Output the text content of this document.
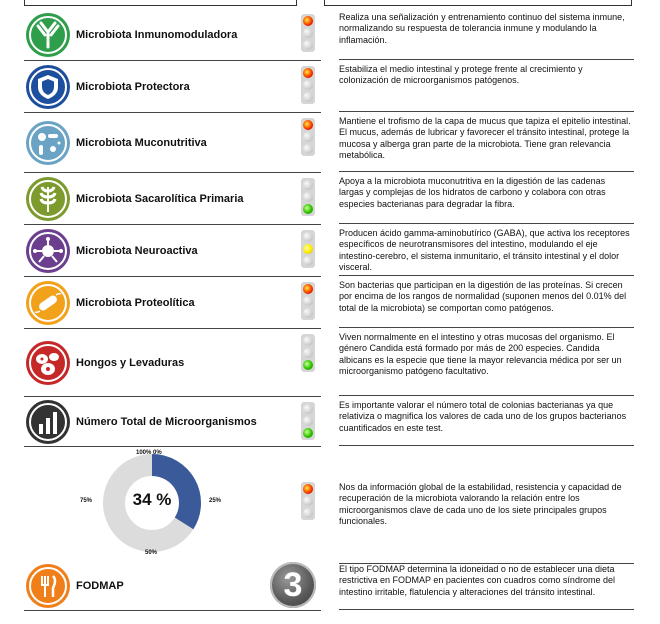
Microbiota Inmunomoduladora
Realiza una señalización y entrenamiento continuo del sistema inmune, normalizando su respuesta de tolerancia inmune y modulando la inflamación.
Microbiota Protectora
Estabiliza el medio intestinal y protege frente al crecimiento y colonización de microorganismos patógenos.
Microbiota Muconutritiva
Mantiene el trofismo de la capa de mucus que tapiza el epitelio intestinal. El mucus, además de lubricar y favorecer el tránsito intestinal, protege la mucosa y alberga gran parte de la microbiota. Tiene gran relevancia metabólica.
Microbiota Sacarolítica Primaria
Apoya a la microbiota muconutritiva en la digestión de las cadenas largas y complejas de los hidratos de carbono y colabora con otras especies bacterianas para degradar la fibra.
Microbiota Neuroactiva
Producen ácido gamma-aminobutírico (GABA), que activa los receptores específicos de neurotransmisores del intestino, modulando el eje intestino-cerebro, el sistema inmunitario, el tránsito intestinal y el dolor visceral.
Microbiota Proteolítica
Son bacterias que participan en la digestión de las proteínas. Si crecen por encima de los rangos de normalidad (suponen menos del 0.01% del total de la microbiota) se comportan como patógenos.
Hongos y Levaduras
Viven normalmente en el intestino y otras mucosas del organismo. El género Candida está formado por más de 200 especies. Candida albicans es la especie que tiene la mayor relevancia médica por ser un microorganismo patógeno facultativo.
Número Total de Microorganismos
Es importante valorar el número total de colonias bacterianas ya que relativiza o magnifica los valores de cada uno de los grupos bacterianos cuantificados en este test.
34 %
100% 0%
25%
50%
75%
Nos da información global de la estabilidad, resistencia y capacidad de recuperación de la microbiota valorando la relación entre los microorganismos clave de cada uno de los siete principales grupos funcionales.
FODMAP	3	El tipo FODMAP determina la idoneidad o no de establecer una dieta restrictiva en FODMAP en pacientes con cuadros como síndrome del intestino irritable, flatulencia y alteraciones del tránsito intestinal.
